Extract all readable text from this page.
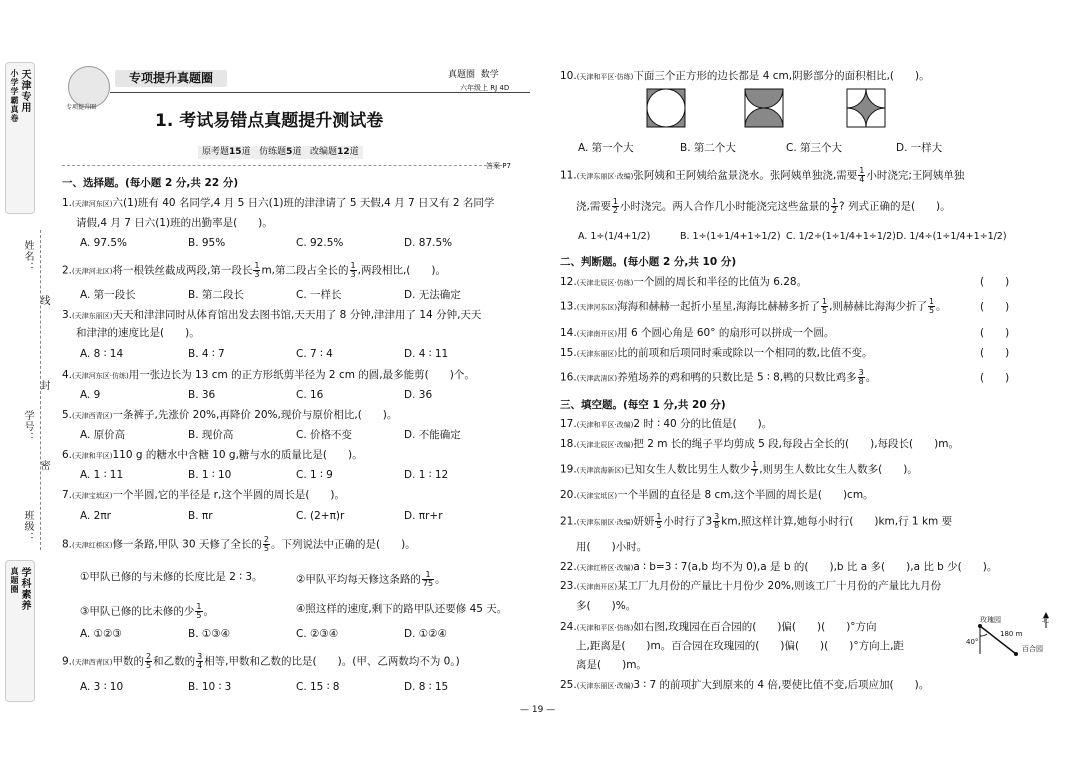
天津专用
小学学霸真卷
学科素养
真题圈
姓名：
线
封
学号：
密
班级：
专项提升圈
专项提升真题圈	真题圈 数学
六年级上 RJ 4D
1. 考试易错点真题提升测试卷
原考题15道 仿练题5道 改编题12道
答案 P7
一、选择题。(每小题 2 分,共 22 分)
1.(天津河东区)六(1)班有 40 名同学,4 月 5 日六(1)班的津津请了 5 天假,4 月 7 日又有 2 名同学
请假,4 月 7 日六(1)班的出勤率是(　　)。
A. 97.5%	B. 95%	C. 92.5%	D. 87.5%
2.(天津河北区)将一根铁丝截成两段,第一段长 $\frac{1}{3} m$,第二段占全长的 $\frac{1}{3}$ ,两段相比,(　　)。
A. 第一段长	B. 第二段长	C. 一样长	D. 无法确定
3.(天津东丽区)天天和津津同时从体育馆出发去图书馆,天天用了 8 分钟,津津用了 14 分钟,天天
和津津的速度比是(　　)。
A. 8 ∶ 14	B. 4 ∶ 7	C. 7 ∶ 4	D. 4 ∶ 11
4.(天津河东区·仿练)用一张边长为 13 cm 的正方形纸剪半径为 2 cm 的圆,最多能剪(　　)个。
A. 9	B. 36	C. 16	D. 36
5.(天津西青区)一条裤子,先涨价 20%,再降价 20%,现价与原价相比,(　　)。
A. 原价高	B. 现价高	C. 价格不变	D. 不能确定
6.(天津和平区)110 g 的糖水中含糖 10 g,糖与水的质量比是(　　)。
A. 1 ∶ 11	B. 1 ∶ 10	C. 1 ∶ 9	D. 1 ∶ 12
7.(天津宝坻区)一个半圆,它的半径是 r,这个半圆的周长是(　　)。
A. 2πr	B. πr	C. (2+π)r	D. πr+r
8.(天津红桥区)修一条路,甲队 30 天修了全长的 $\frac{2}{5}$ 。下列说法中正确的是(　　)。
①甲队已修的与未修的长度比是 2 ∶ 3。	②甲队平均每天修这条路的 $\frac{1}{75}$ 。
③甲队已修的比未修的少 $\frac{1}{5}$ 。	④照这样的速度,剩下的路甲队还要修 45 天。
A. ①②③	B. ①③④	C. ②③④	D. ①②④
9.(天津西青区)甲数的 $\frac{2}{5}$ 和乙数的 $\frac{3}{4}$ 相等,甲数和乙数的比是(　　)。(甲、乙两数均不为 0。)
A. 3 ∶ 10	B. 10 ∶ 3	C. 15 ∶ 8	D. 8 ∶ 15
10.(天津和平区·仿练)下面三个正方形的边长都是 4 cm,阴影部分的面积相比,(　　)。
A. 第一个大	B. 第二个大	C. 第三个大	D. 一样大
11.(天津东丽区·改编)张阿姨和王阿姨给盆景浇水。张阿姨单独浇,需要 $\frac{1}{4}$ 小时浇完;王阿姨单独
浇,需要 $\frac{1}{2}$ 小时浇完。两人合作几小时能浇完这些盆景的 $\frac{1}{2}$ ? 列式正确的是(　　)。
A. 1÷(1/4+1/2)	B. 1÷(1÷1/4+1÷1/2) C. 1/2÷(1÷1/4+1÷1/2) D. 1/4÷(1÷1/4+1÷1/2)
二、判断题。(每小题 2 分,共 10 分)
12.(天津北辰区·仿练)一个圆的周长和半径的比值为 6.28。	(　　)
13.(天津河东区)海海和赫赫一起折小星星,海海比赫赫多折了 $\frac{1}{5}$ ,则赫赫比海海少折了 $\frac{1}{5}$ 。	(　　)
14.(天津南开区)用 6 个圆心角是 60° 的扇形可以拼成一个圆。	(　　)
15.(天津东丽区)比的前项和后项同时乘或除以一个相同的数,比值不变。	(　　)
16.(天津武清区)养殖场养的鸡和鸭的只数比是 5 ∶ 8,鸭的只数比鸡多 $\frac{3}{8}$ 。	(　　)
三、填空题。(每空 1 分,共 20 分)
17.(天津和平区·改编)2 时 ∶ 40 分的比值是(　　)。
18.(天津北辰区·改编)把 2 m 长的绳子平均剪成 5 段,每段占全长的(　　),每段长(　　)m。
19.(天津滨海新区)已知女生人数比男生人数少 $\frac{1}{7}$ ,则男生人数比女生人数多(　　)。
20.(天津宝坻区)一个半圆的直径是 8 cm,这个半圆的周长是(　　)cm。
21.(天津东丽区·改编)妍妍 $\frac{1}{5}$ 小时行了$3 \frac{3}{8}$ km,照这样计算,她每小时行(　　)km,行 1 km 要
用(　　)小时。
22.(天津红桥区·改编)a ∶ b=3 ∶ 7(a,b 均不为 0),a 是 b 的(　　),b 比 a 多(　　),a 比 b 少(　　)。
23.(天津南开区)某工厂九月份的产量比十月份少 20%,则该工厂十月份的产量比九月份
多(　　)%。
24.(天津和平区·仿练)如右图,玫瑰园在百合园的(　　)偏(　　)(　　)°方向
上,距离是(　　)m。百合园在玫瑰园的(　　)偏(　　)(　　)°方向上,距
离是(　　)m。
玫瑰园
百合园
北
180 m
40°
25.(天津东丽区·改编)3 ∶ 7 的前项扩大到原来的 4 倍,要使比值不变,后项应加(　　)。
— 19 —
